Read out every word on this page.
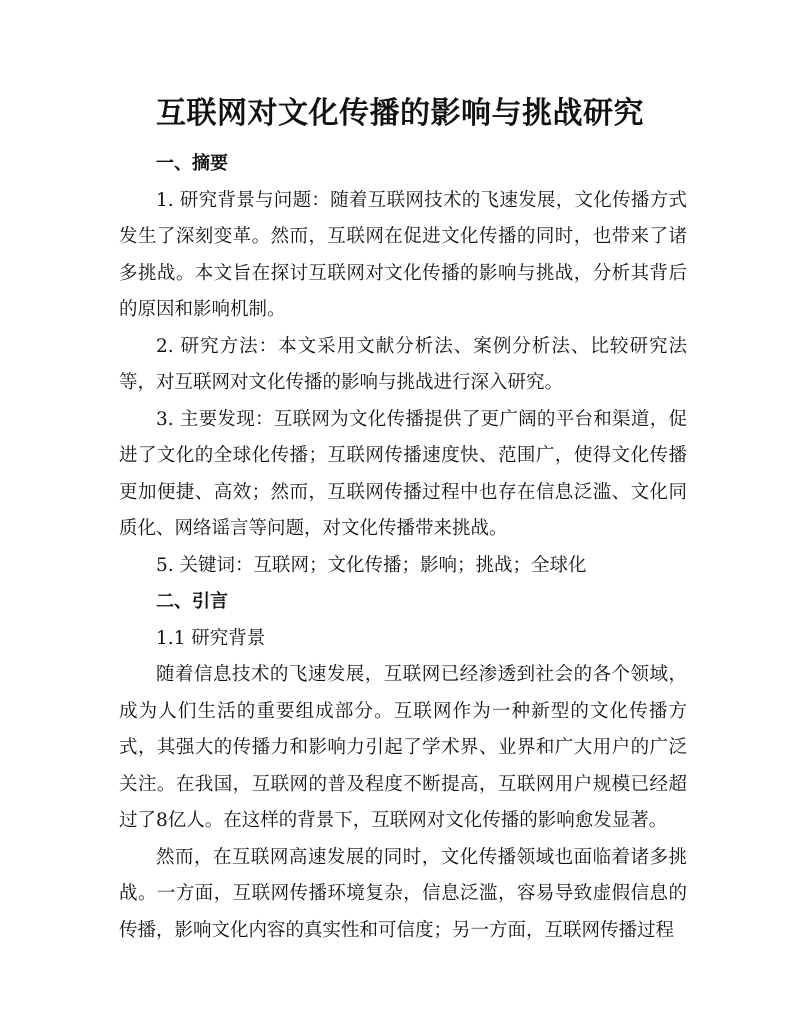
互联网对文化传播的影响与挑战研究

一、摘要

1. 研究背景与问题：随着互联网技术的飞速发展，文化传播方式发生了深刻变革。然而，互联网在促进文化传播的同时，也带来了诸多挑战。本文旨在探讨互联网对文化传播的影响与挑战，分析其背后的原因和影响机制。

2. 研究方法：本文采用文献分析法、案例分析法、比较研究法等，对互联网对文化传播的影响与挑战进行深入研究。

3. 主要发现：互联网为文化传播提供了更广阔的平台和渠道，促进了文化的全球化传播；互联网传播速度快、范围广，使得文化传播更加便捷、高效；然而，互联网传播过程中也存在信息泛滥、文化同质化、网络谣言等问题，对文化传播带来挑战。

5. 关键词：互联网；文化传播；影响；挑战；全球化

二、引言

1.1 研究背景

随着信息技术的飞速发展，互联网已经渗透到社会的各个领域，成为人们生活的重要组成部分。互联网作为一种新型的文化传播方式，其强大的传播力和影响力引起了学术界、业界和广大用户的广泛关注。在我国，互联网的普及程度不断提高，互联网用户规模已经超过了8亿人。在这样的背景下，互联网对文化传播的影响愈发显著。

然而，在互联网高速发展的同时，文化传播领域也面临着诸多挑战。一方面，互联网传播环境复杂，信息泛滥，容易导致虚假信息的传播，影响文化内容的真实性和可信度；另一方面，互联网传播过程
